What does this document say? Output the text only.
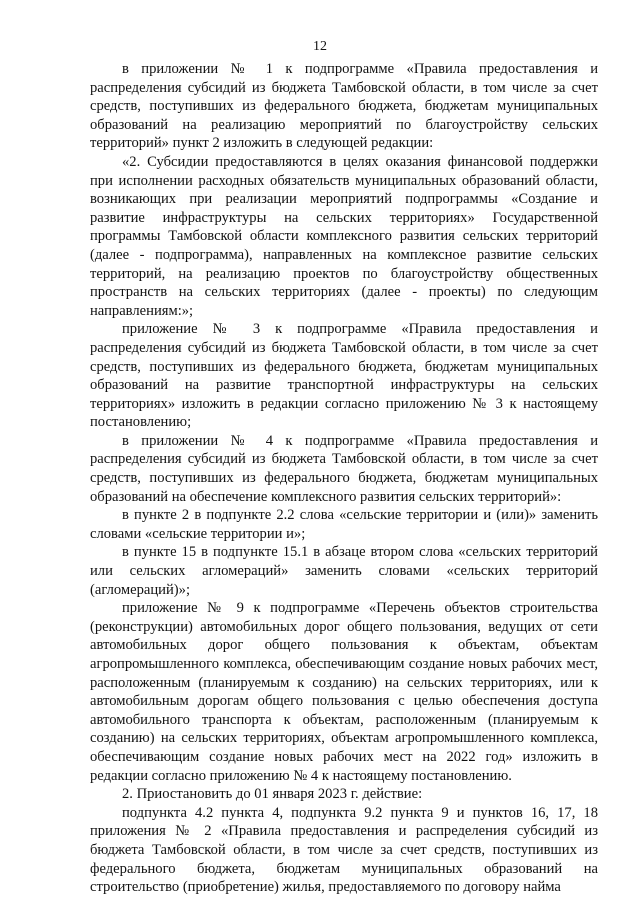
12

в приложении № 1 к подпрограмме «Правила предоставления и распределения субсидий из бюджета Тамбовской области, в том числе за счет средств, поступивших из федерального бюджета, бюджетам муниципальных образований на реализацию мероприятий по благоустройству сельских территорий» пункт 2 изложить в следующей редакции:

«2. Субсидии предоставляются в целях оказания финансовой поддержки при исполнении расходных обязательств муниципальных образований области, возникающих при реализации мероприятий подпрограммы «Создание и развитие инфраструктуры на сельских территориях» Государственной программы Тамбовской области комплексного развития сельских территорий (далее - подпрограмма), направленных на комплексное развитие сельских территорий, на реализацию проектов по благоустройству общественных пространств на сельских территориях (далее - проекты) по следующим направлениям:»;

приложение № 3 к подпрограмме «Правила предоставления и распределения субсидий из бюджета Тамбовской области, в том числе за счет средств, поступивших из федерального бюджета, бюджетам муниципальных образований на развитие транспортной инфраструктуры на сельских территориях» изложить в редакции согласно приложению № 3 к настоящему постановлению;

в приложении № 4 к подпрограмме «Правила предоставления и распределения субсидий из бюджета Тамбовской области, в том числе за счет средств, поступивших из федерального бюджета, бюджетам муниципальных образований на обеспечение комплексного развития сельских территорий»:

в пункте 2 в подпункте 2.2 слова «сельские территории и (или)» заменить словами «сельские территории и»;

в пункте 15 в подпункте 15.1 в абзаце втором слова «сельских территорий или сельских агломераций» заменить словами «сельских территорий (агломераций)»;

приложение № 9 к подпрограмме «Перечень объектов строительства (реконструкции) автомобильных дорог общего пользования, ведущих от сети автомобильных дорог общего пользования к объектам, объектам агропромышленного комплекса, обеспечивающим создание новых рабочих мест, расположенным (планируемым к созданию) на сельских территориях, или к автомобильным дорогам общего пользования с целью обеспечения доступа автомобильного транспорта к объектам, расположенным (планируемым к созданию) на сельских территориях, объектам агропромышленного комплекса, обеспечивающим создание новых рабочих мест на 2022 год» изложить в редакции согласно приложению № 4 к настоящему постановлению.

2. Приостановить до 01 января 2023 г. действие:

подпункта 4.2 пункта 4, подпункта 9.2 пункта 9 и пунктов 16, 17, 18 приложения № 2 «Правила предоставления и распределения субсидий из бюджета Тамбовской области, в том числе за счет средств, поступивших из федерального бюджета, бюджетам муниципальных образований на строительство (приобретение) жилья, предоставляемого по договору найма
